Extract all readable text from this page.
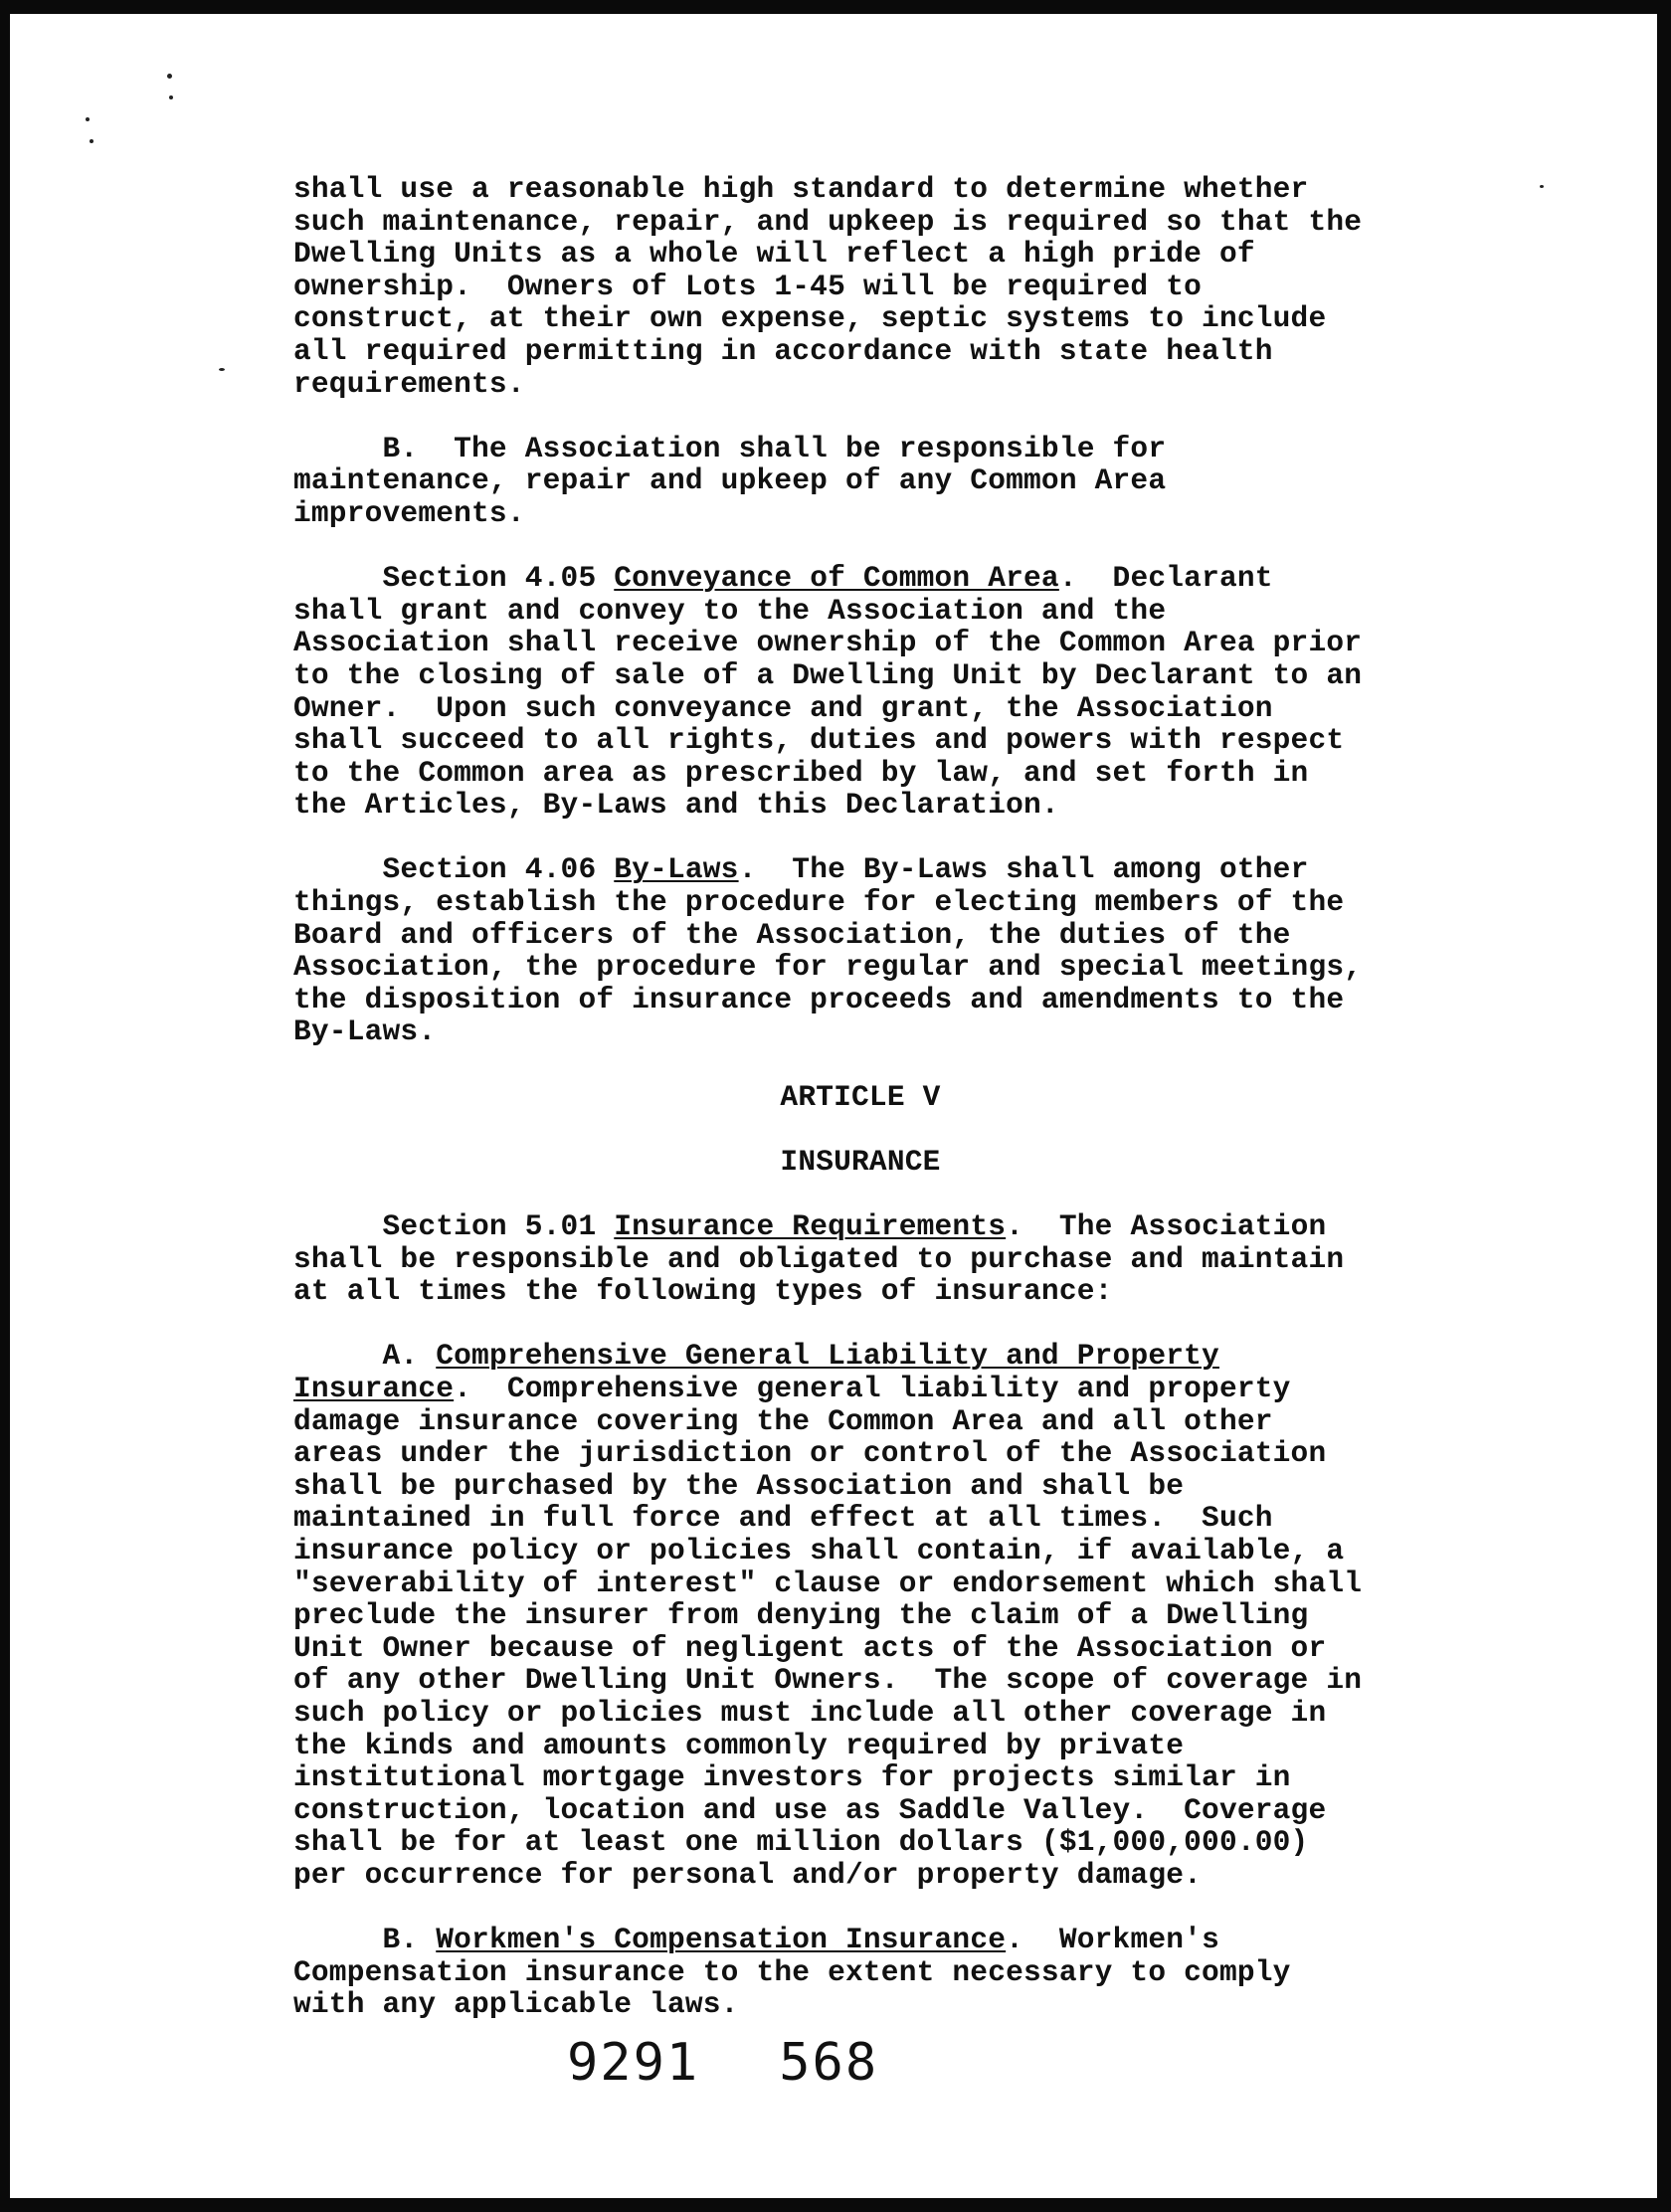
shall use a reasonable high standard to determine whether
such maintenance, repair, and upkeep is required so that the
Dwelling Units as a whole will reflect a high pride of
ownership.  Owners of Lots 1-45 will be required to
construct, at their own expense, septic systems to include
all required permitting in accordance with state health
requirements.

B.  The Association shall be responsible for
maintenance, repair and upkeep of any Common Area
improvements.

Section 4.05 Conveyance of Common Area.  Declarant
shall grant and convey to the Association and the
Association shall receive ownership of the Common Area prior
to the closing of sale of a Dwelling Unit by Declarant to an
Owner.  Upon such conveyance and grant, the Association
shall succeed to all rights, duties and powers with respect
to the Common area as prescribed by law, and set forth in
the Articles, By-Laws and this Declaration.

Section 4.06 By-Laws.  The By-Laws shall among other
things, establish the procedure for electing members of the
Board and officers of the Association, the duties of the
Association, the procedure for regular and special meetings,
the disposition of insurance proceeds and amendments to the
By-Laws.

ARTICLE V

INSURANCE

Section 5.01 Insurance Requirements.  The Association
shall be responsible and obligated to purchase and maintain
at all times the following types of insurance:

A. Comprehensive General Liability and Property
Insurance.  Comprehensive general liability and property
damage insurance covering the Common Area and all other
areas under the jurisdiction or control of the Association
shall be purchased by the Association and shall be
maintained in full force and effect at all times.  Such
insurance policy or policies shall contain, if available, a
"severability of interest" clause or endorsement which shall
preclude the insurer from denying the claim of a Dwelling
Unit Owner because of negligent acts of the Association or
of any other Dwelling Unit Owners.  The scope of coverage in
such policy or policies must include all other coverage in
the kinds and amounts commonly required by private
institutional mortgage investors for projects similar in
construction, location and use as Saddle Valley.  Coverage
shall be for at least one million dollars ($1,000,000.00)
per occurrence for personal and/or property damage.

B. Workmen's Compensation Insurance.  Workmen's
Compensation insurance to the extent necessary to comply
with any applicable laws.

9291 568
